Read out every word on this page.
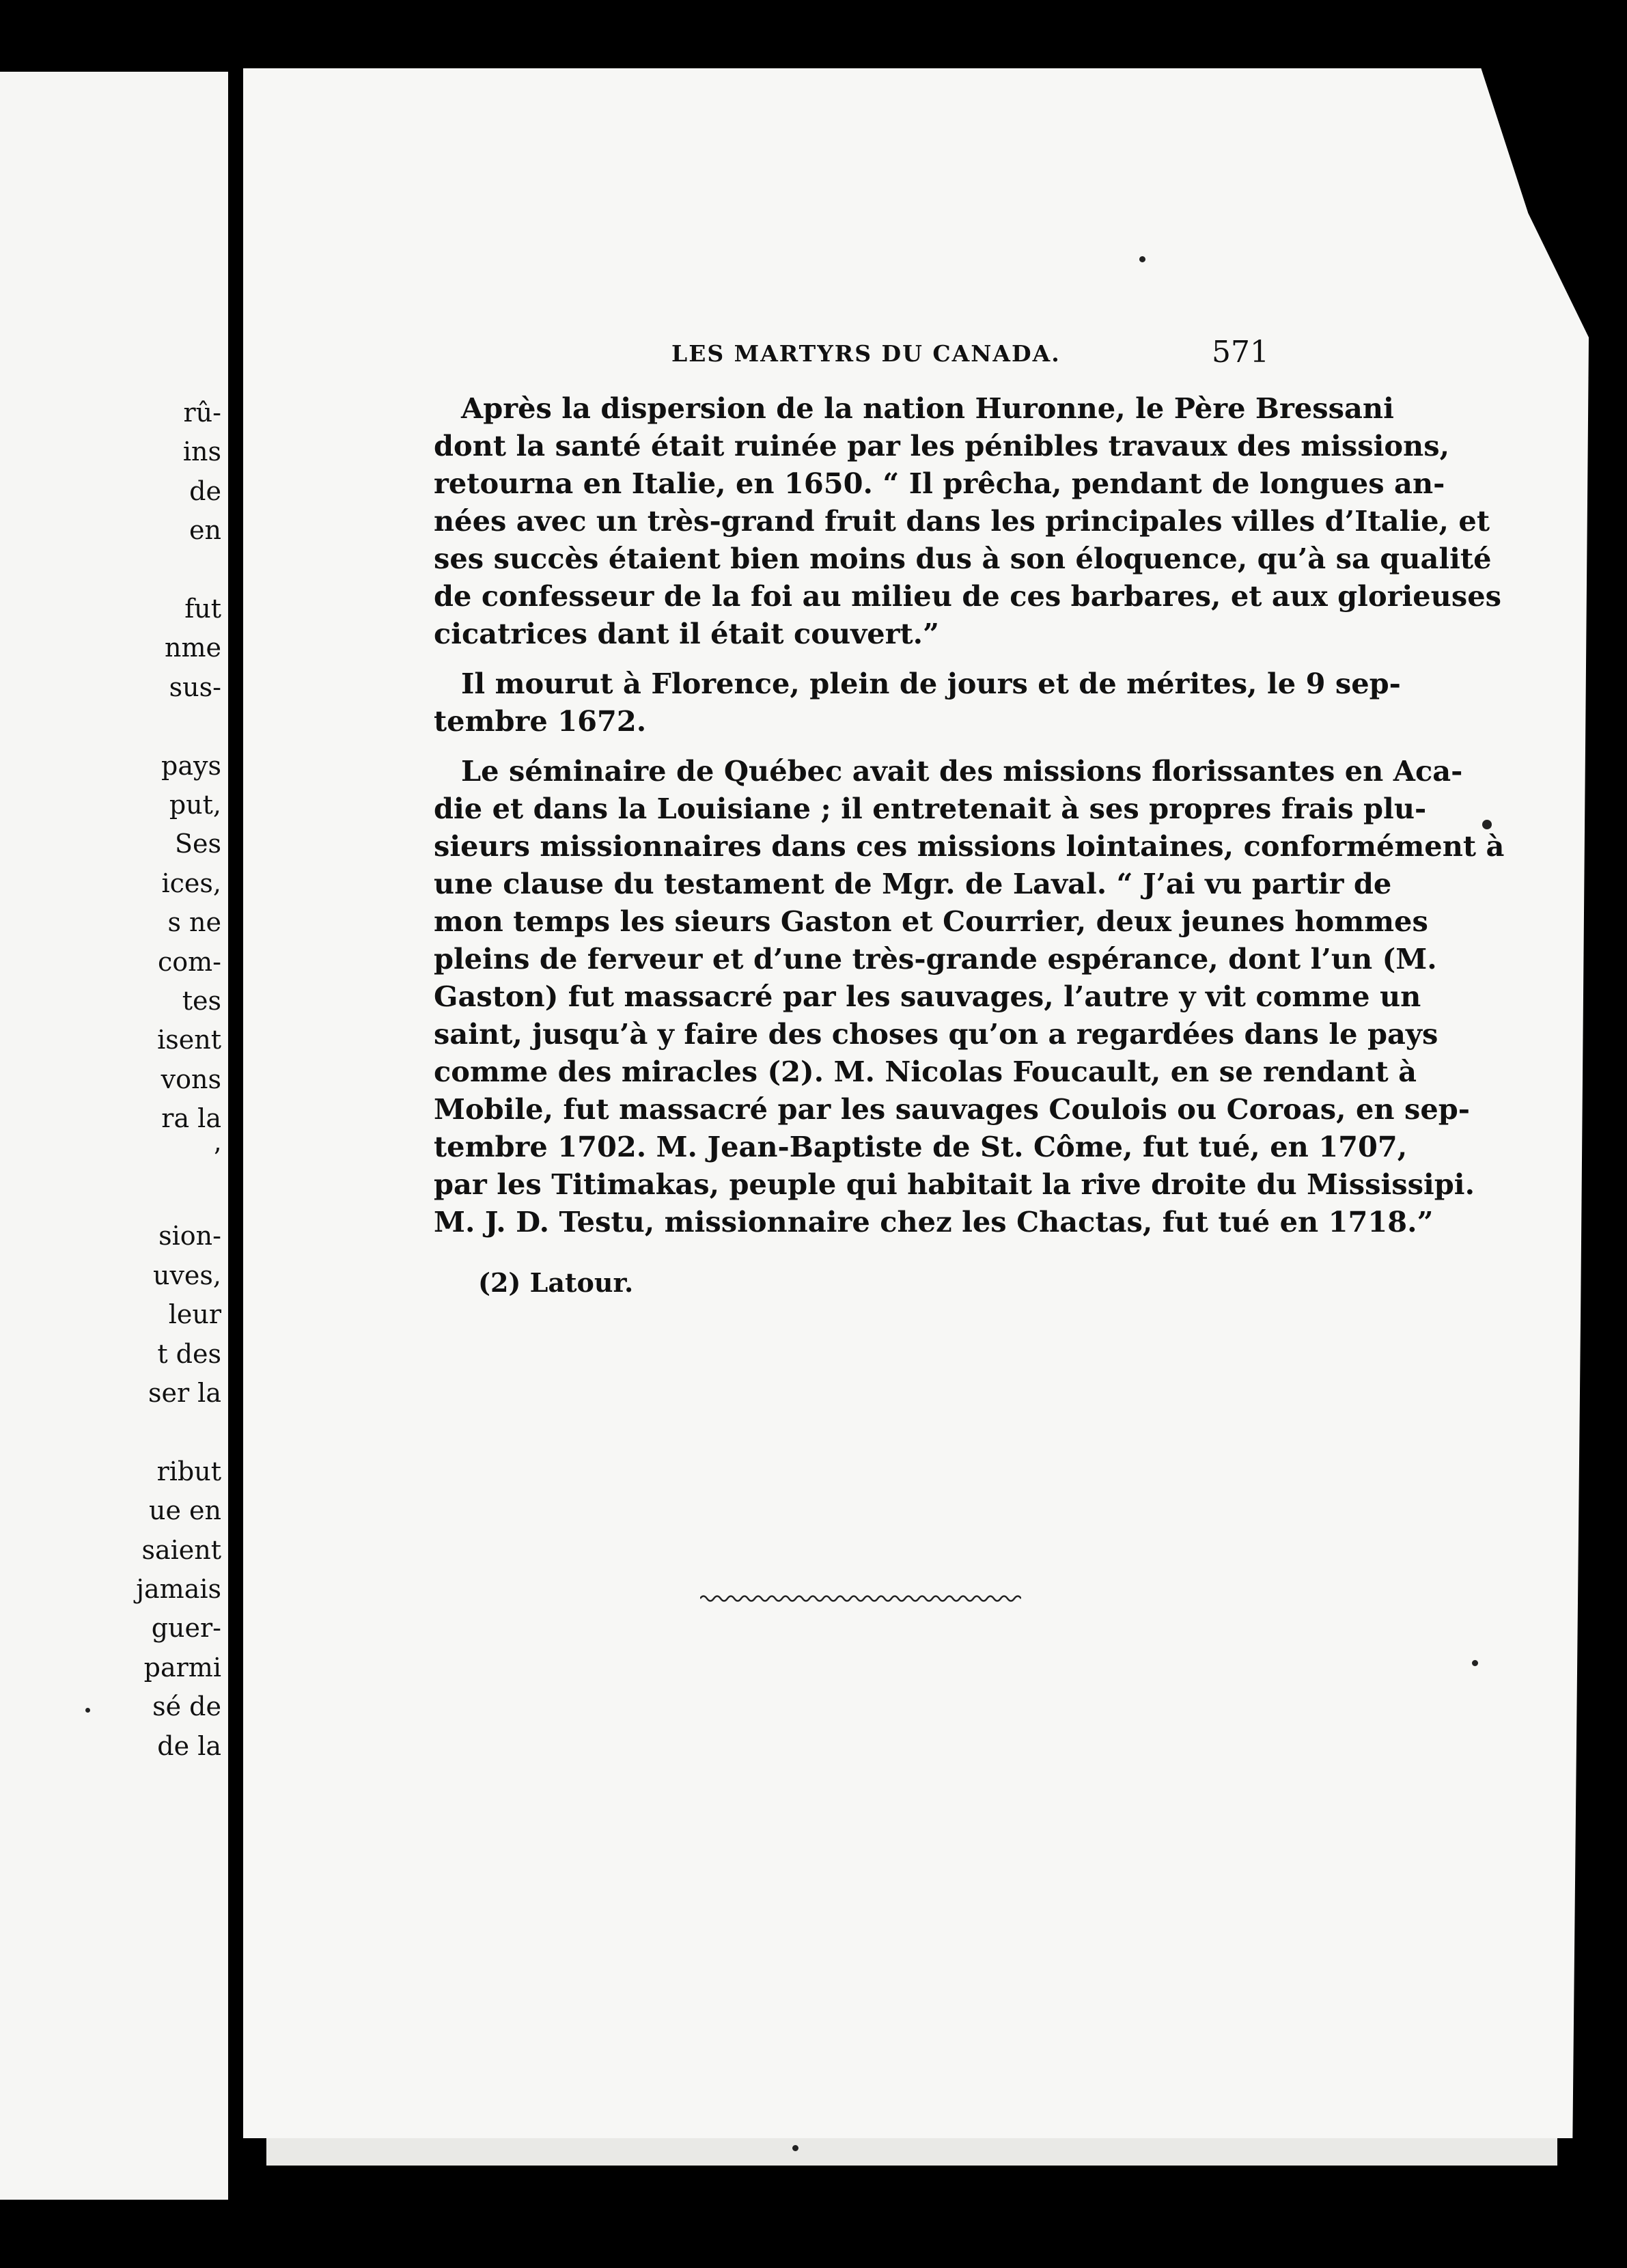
rû-
ins
de
en
fut
nme
sus-
pays
put,
Ses
ices,
s ne
com-
tes
isent
vons
ra la
’
sion-
uves,
leur
t des
ser la
ribut
ue en
saient
jamais
guer-
parmi
sé de
de la
LES MARTYRS DU CANADA.	571
Après la dispersion de la nation Huronne, le Père Bressani
dont la santé était ruinée par les pénibles travaux des missions,
retourna en Italie, en 1650. “ Il prêcha, pendant de longues an-
nées avec un très-grand fruit dans les principales villes d’Italie, et
ses succès étaient bien moins dus à son éloquence, qu’à sa qualité
de confesseur de la foi au milieu de ces barbares, et aux glorieuses
cicatrices dant il était couvert.”
Il mourut à Florence, plein de jours et de mérites, le 9 sep-
tembre 1672.
Le séminaire de Québec avait des missions florissantes en Aca-
die et dans la Louisiane ; il entretenait à ses propres frais plu-
sieurs missionnaires dans ces missions lointaines, conformément à
une clause du testament de Mgr. de Laval. “ J’ai vu partir de
mon temps les sieurs Gaston et Courrier, deux jeunes hommes
pleins de ferveur et d’une très-grande espérance, dont l’un (M.
Gaston) fut massacré par les sauvages, l’autre y vit comme un
saint, jusqu’à y faire des choses qu’on a regardées dans le pays
comme des miracles (2). M. Nicolas Foucault, en se rendant à
Mobile, fut massacré par les sauvages Coulois ou Coroas, en sep-
tembre 1702. M. Jean-Baptiste de St. Côme, fut tué, en 1707,
par les Titimakas, peuple qui habitait la rive droite du Mississipi.
M. J. D. Testu, missionnaire chez les Chactas, fut tué en 1718.”
(2) Latour.
